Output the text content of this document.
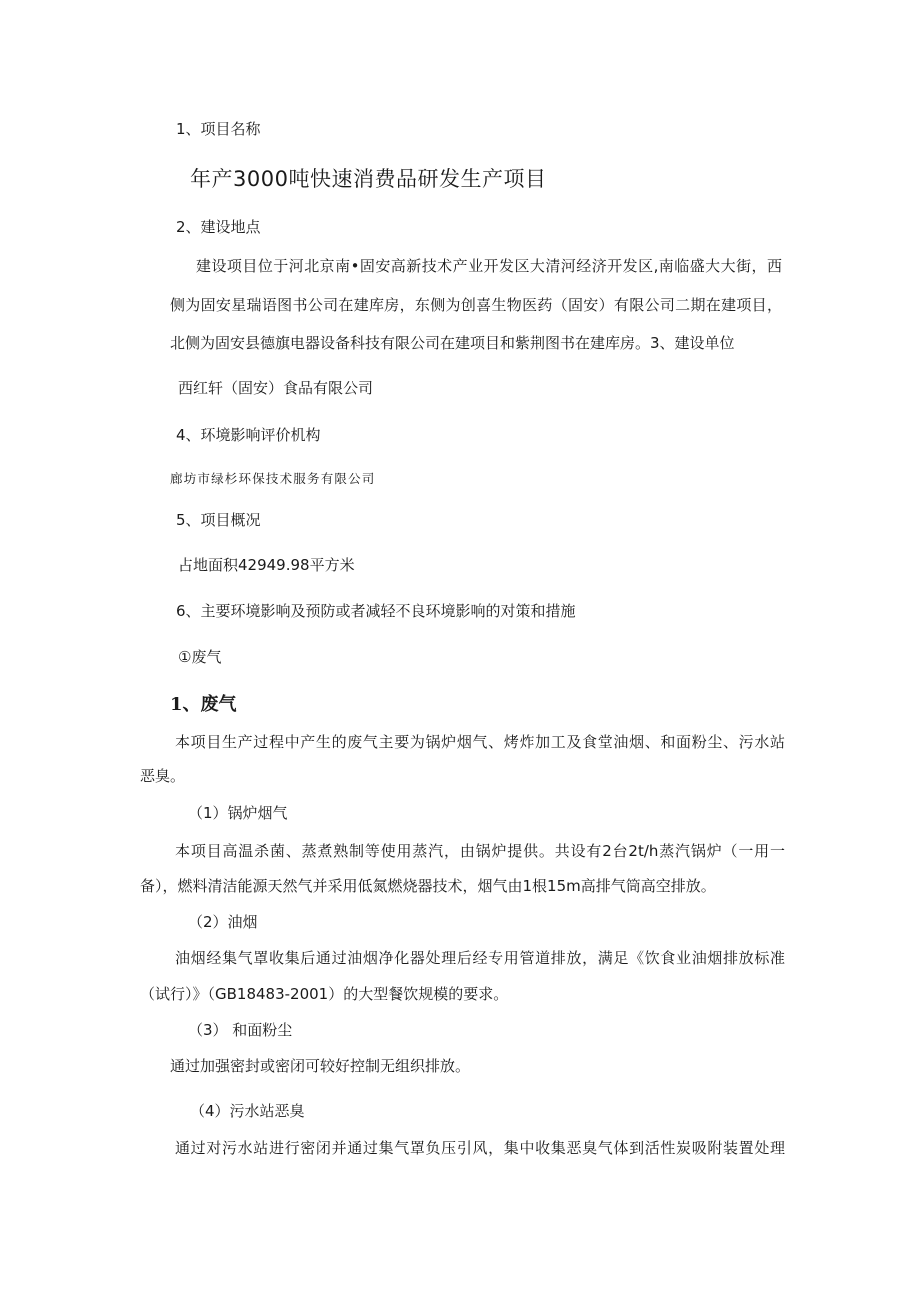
1、项目名称
年产3000吨快速消费品研发生产项目
2、建设地点
建设项目位于河北京南•固安高新技术产业开发区大清河经济开发区,南临盛大大街，西
侧为固安星瑞语图书公司在建库房，东侧为创喜生物医药（固安）有限公司二期在建项目，
北侧为固安县德旗电器设备科技有限公司在建项目和紫荆图书在建库房。3、建设单位
西红轩（固安）食品有限公司
4、环境影响评价机构
廊坊市绿杉环保技术服务有限公司
5、项目概况
占地面积42949.98平方米
6、主要环境影响及预防或者减轻不良环境影响的对策和措施
①废气
1、废气
本项目生产过程中产生的废气主要为锅炉烟气、烤炸加工及食堂油烟、和面粉尘、污水站
恶臭。
（1）锅炉烟气
本项目高温杀菌、蒸煮熟制等使用蒸汽，由锅炉提供。共设有2台2t/h蒸汽锅炉（一用一
备），燃料清洁能源天然气并采用低氮燃烧器技术，烟气由1根15m高排气筒高空排放。
（2）油烟
油烟经集气罩收集后通过油烟净化器处理后经专用管道排放，满足《饮食业油烟排放标准
（试行）》（GB18483-2001）的大型餐饮规模的要求。
（3） 和面粉尘
通过加强密封或密闭可较好控制无组织排放。
（4）污水站恶臭
通过对污水站进行密闭并通过集气罩负压引风，集中收集恶臭气体到活性炭吸附装置处理
